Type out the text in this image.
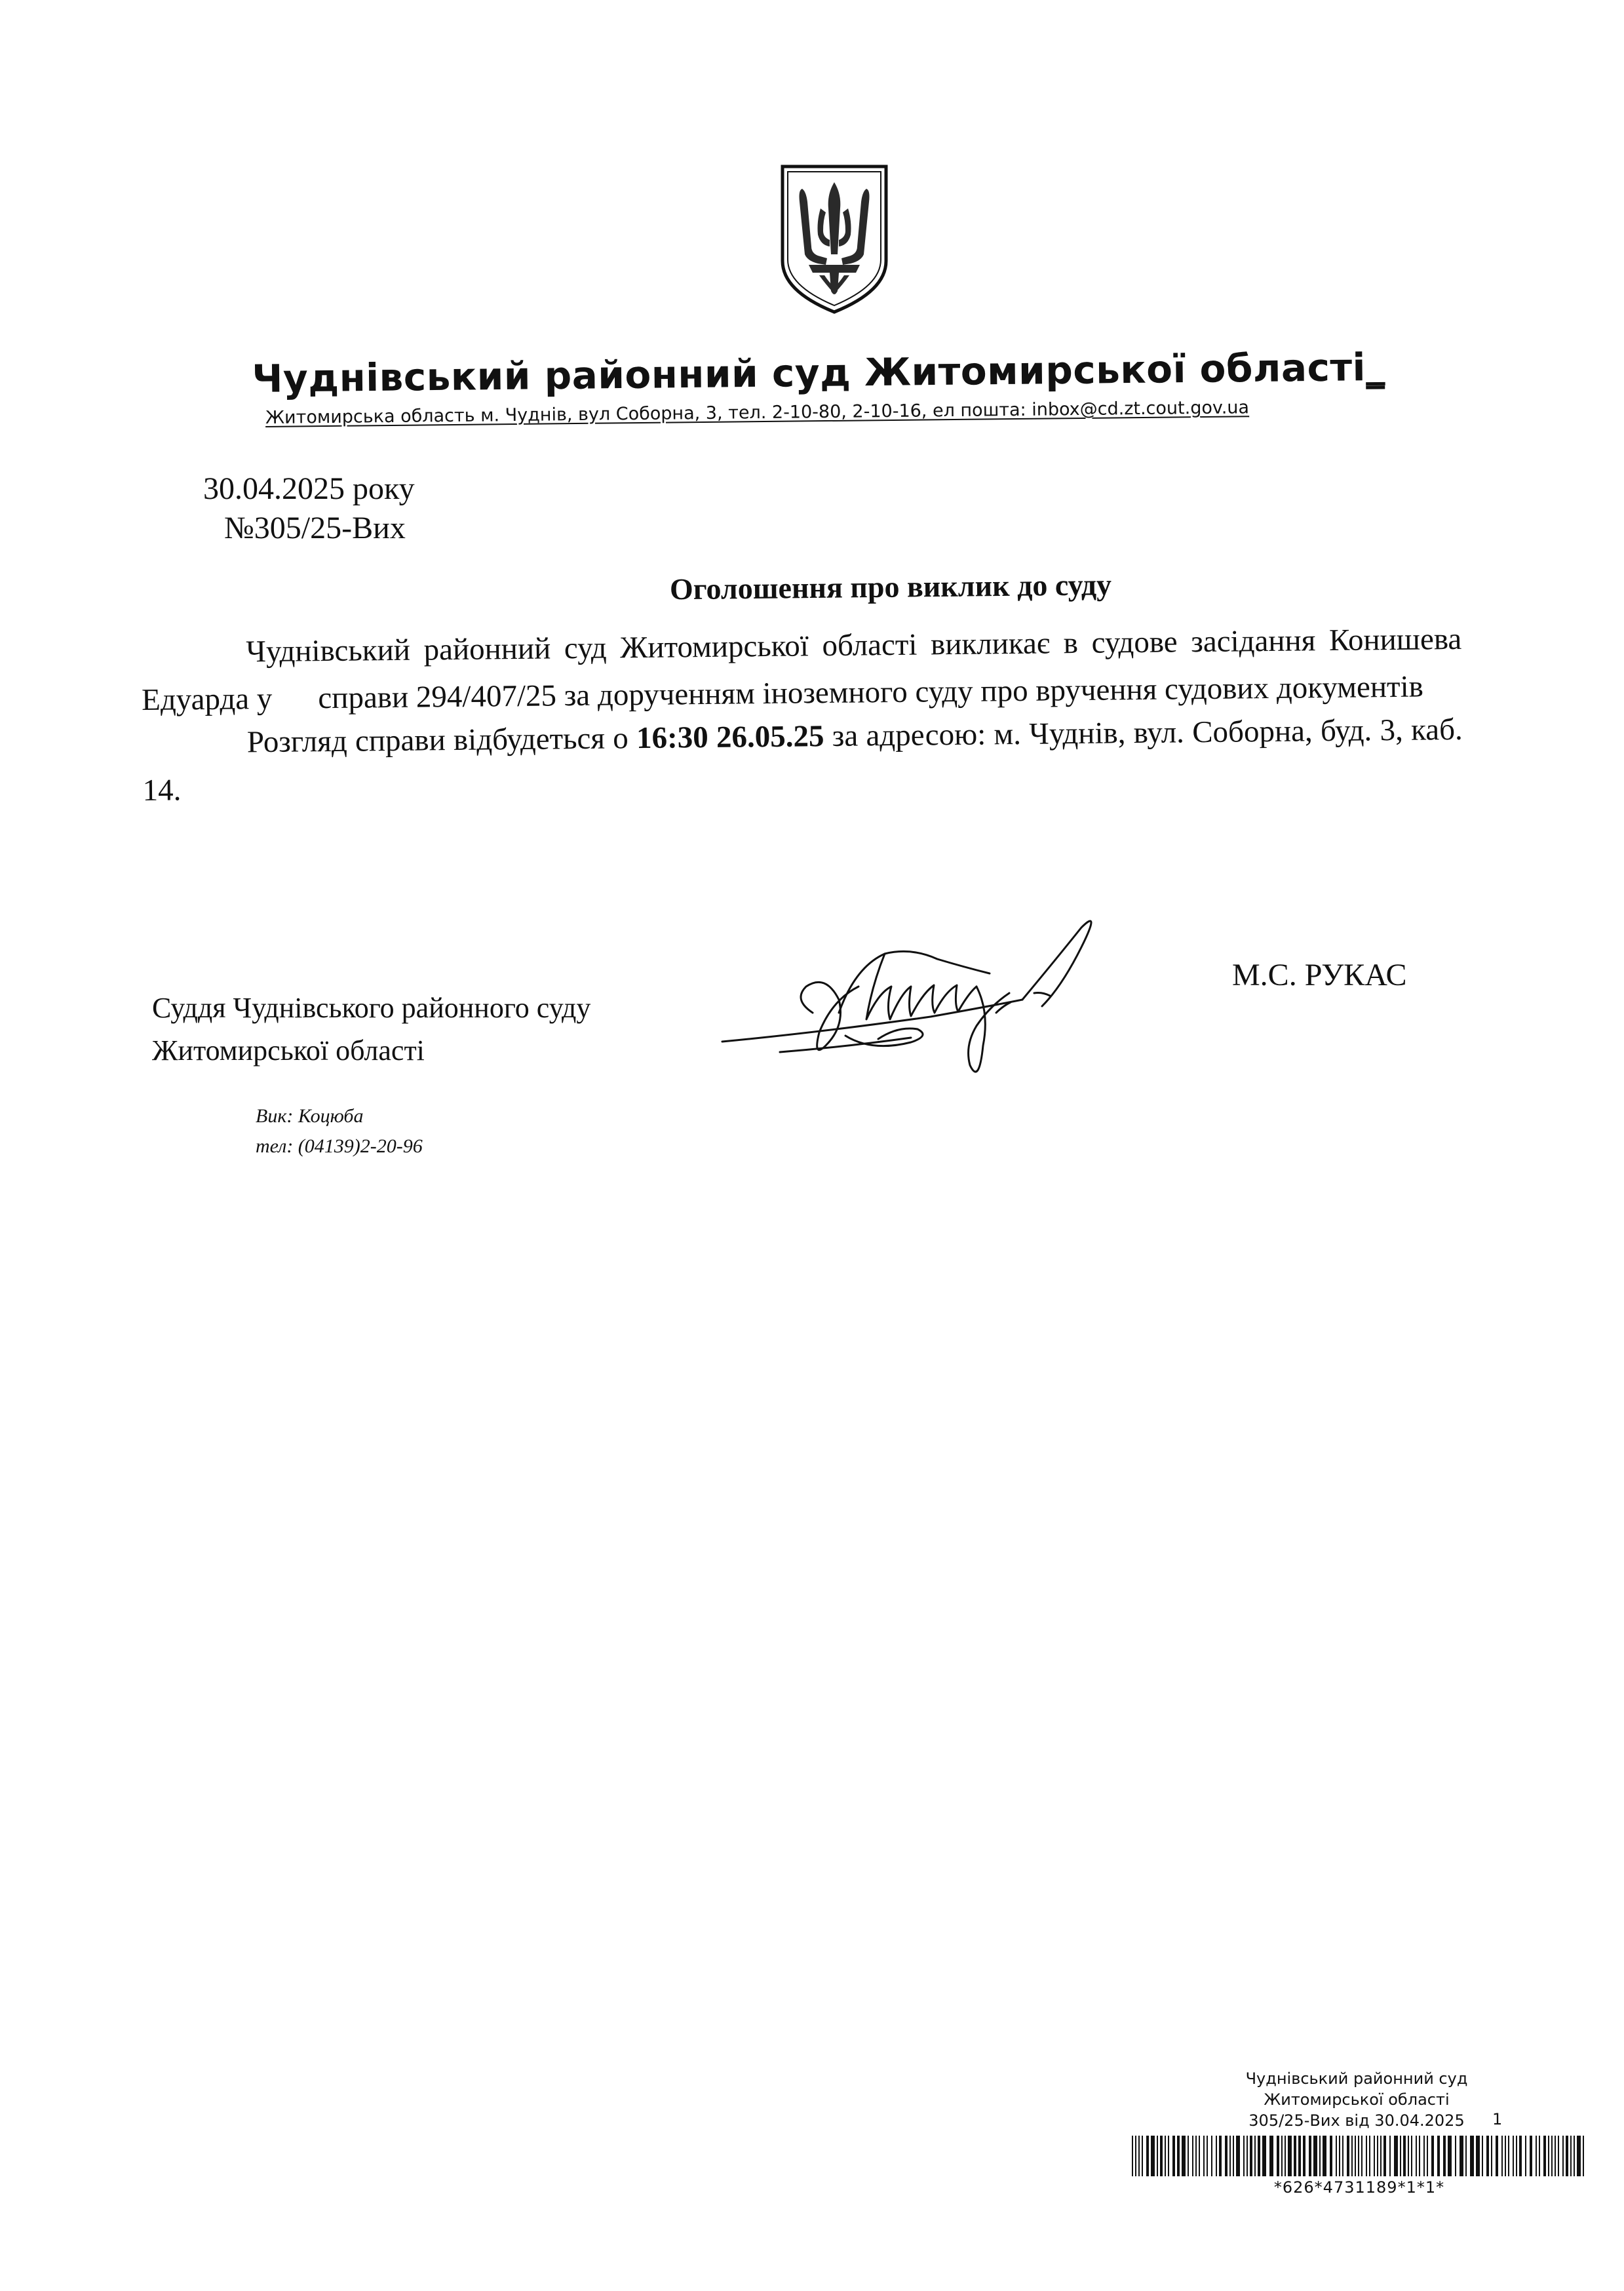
Чуднівський районний суд Житомирської області_
Житомирська область м. Чуднів, вул Соборна, 3, тел. 2-10-80, 2-10-16, ел пошта: inbox@cd.zt.cout.gov.ua
30.04.2025 року
№305/25-Вих
Оголошення про виклик до суду

Чуднівський районний суд Житомирської області викликає в судове засідання Конишева Едуарда у справи 294/407/25 за дорученням іноземного суду про вручення судових документів

Розгляд справи відбудеться о 16:30 26.05.25 за адресою: м. Чуднів, вул. Соборна, буд. 3, каб. 14.

Суддя Чуднівського районного суду
Житомирської області
М.С. РУКАС
Вик: Коцюба
тел: (04139)2-20-96
Чуднівський районний суд
Житомирської області
305/25-Вих від 30.04.2025	1
*626*4731189*1*1*
